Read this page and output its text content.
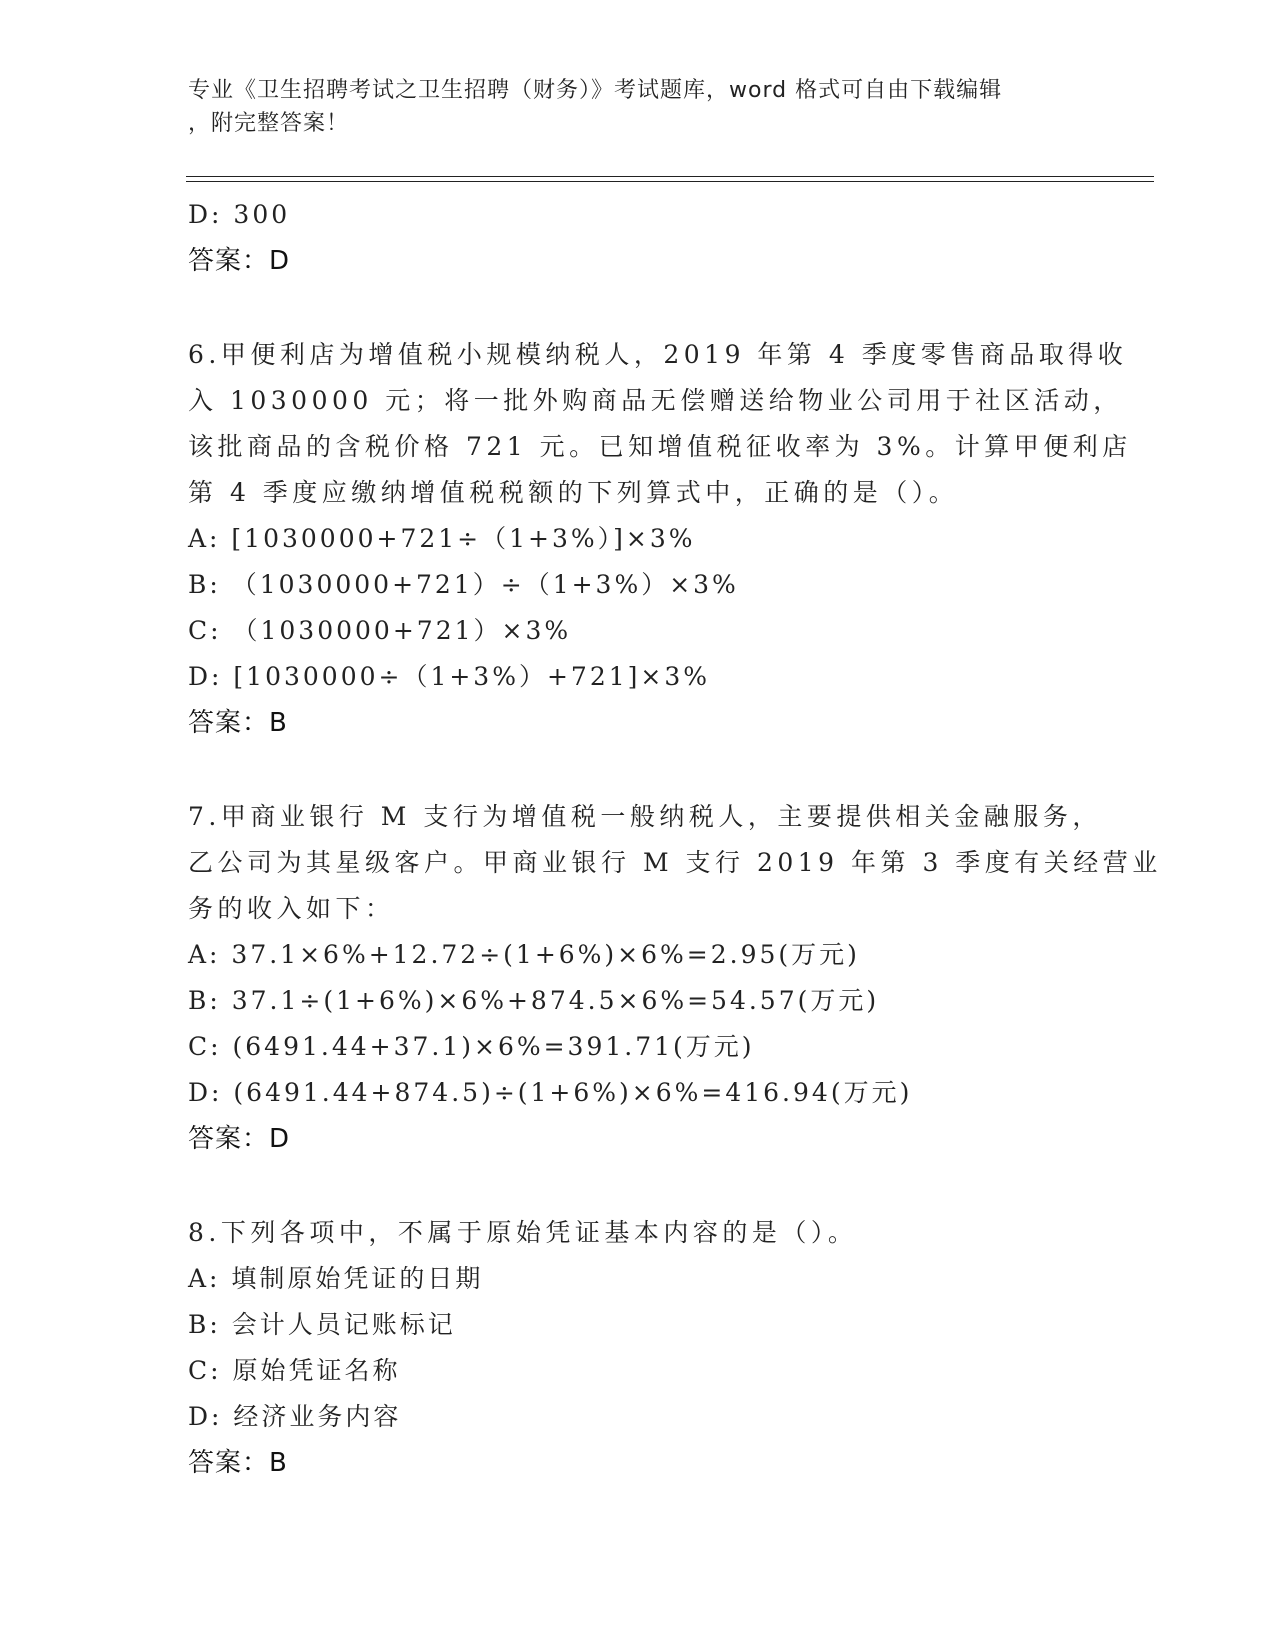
专业《卫生招聘考试之卫生招聘（财务）》考试题库，word 格式可自由下载编辑
，附完整答案！
D: 300
答案：D
6.甲便利店为增值税小规模纳税人，2019 年第 4 季度零售商品取得收
入 1030000 元；将一批外购商品无偿赠送给物业公司用于社区活动，
该批商品的含税价格 721 元。已知增值税征收率为 3%。计算甲便利店
第 4 季度应缴纳增值税税额的下列算式中，正确的是（）。
A: [1030000+721÷（1+3%）]×3%
B: （1030000+721）÷（1+3%）×3%
C: （1030000+721）×3%
D: [1030000÷（1+3%）+721]×3%
答案：B
7.甲商业银行 M 支行为增值税一般纳税人，主要提供相关金融服务，
乙公司为其星级客户。甲商业银行 M 支行 2019 年第 3 季度有关经营业
务的收入如下：
A: 37.1×6%+12.72÷(1+6%)×6%=2.95(万元)
B: 37.1÷(1+6%)×6%+874.5×6%=54.57(万元)
C: (6491.44+37.1)×6%=391.71(万元)
D: (6491.44+874.5)÷(1+6%)×6%=416.94(万元)
答案：D
8.下列各项中，不属于原始凭证基本内容的是（）。
A: 填制原始凭证的日期
B: 会计人员记账标记
C: 原始凭证名称
D: 经济业务内容
答案：B
